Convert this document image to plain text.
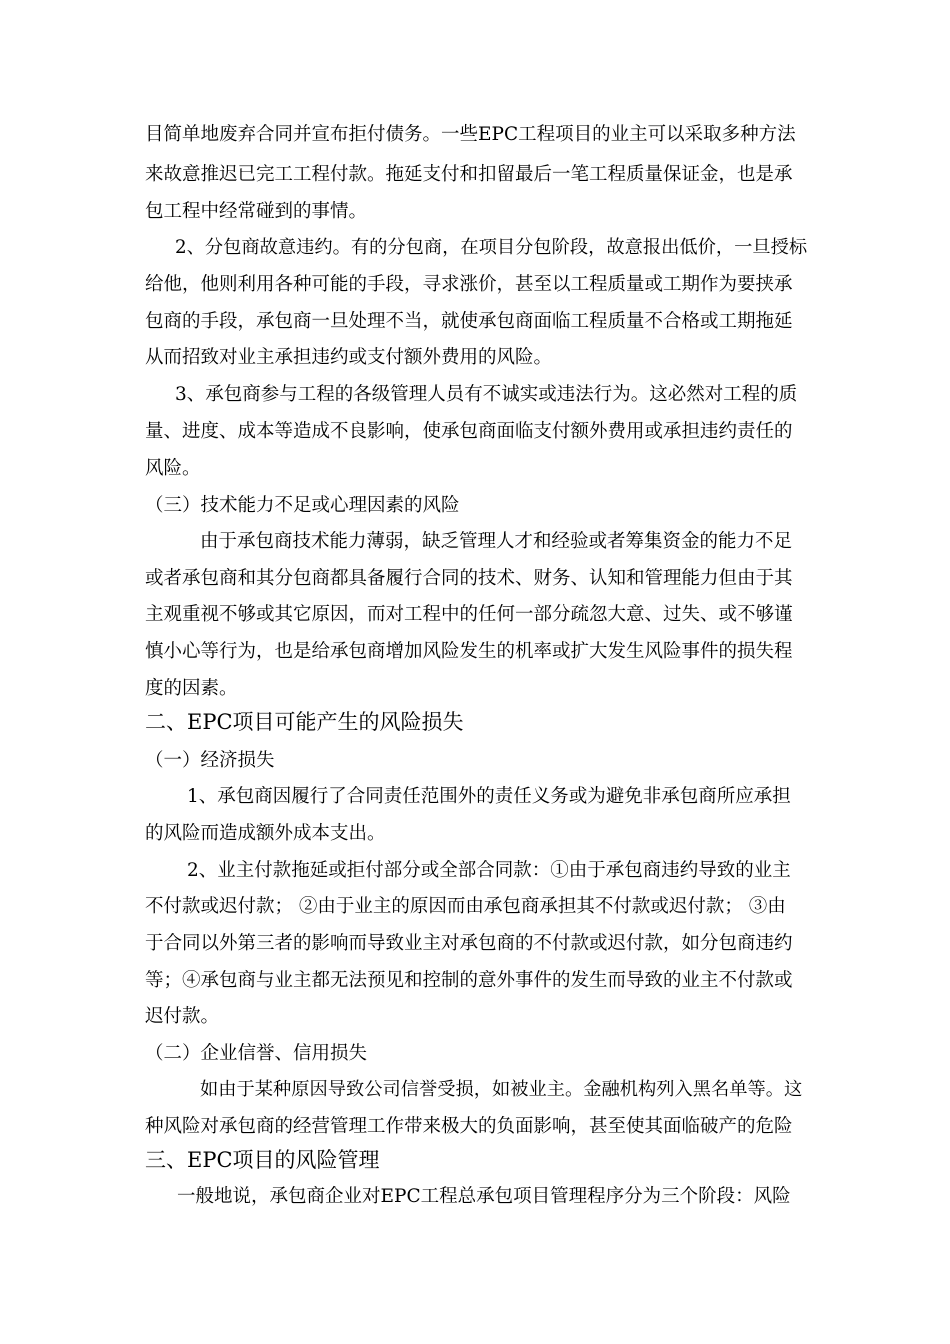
目简单地废弃合同并宣布拒付债务。一些EPC工程项目的业主可以采取多种方法

来故意推迟已完工工程付款。拖延支付和扣留最后一笔工程质量保证金，也是承

包工程中经常碰到的事情。

2、分包商故意违约。有的分包商，在项目分包阶段，故意报出低价，一旦授标

给他，他则利用各种可能的手段，寻求涨价，甚至以工程质量或工期作为要挟承

包商的手段，承包商一旦处理不当，就使承包商面临工程质量不合格或工期拖延

从而招致对业主承担违约或支付额外费用的风险。

3、承包商参与工程的各级管理人员有不诚实或违法行为。这必然对工程的质

量、进度、成本等造成不良影响，使承包商面临支付额外费用或承担违约责任的

风险。

（三）技术能力不足或心理因素的风险

由于承包商技术能力薄弱，缺乏管理人才和经验或者筹集资金的能力不足

或者承包商和其分包商都具备履行合同的技术、财务、认知和管理能力但由于其

主观重视不够或其它原因，而对工程中的任何一部分疏忽大意、过失、或不够谨

慎小心等行为，也是给承包商增加风险发生的机率或扩大发生风险事件的损失程

度的因素。

二、EPC项目可能产生的风险损失

（一）经济损失

1、承包商因履行了合同责任范围外的责任义务或为避免非承包商所应承担

的风险而造成额外成本支出。

2、业主付款拖延或拒付部分或全部合同款：①由于承包商违约导致的业主

不付款或迟付款； ②由于业主的原因而由承包商承担其不付款或迟付款； ③由

于合同以外第三者的影响而导致业主对承包商的不付款或迟付款，如分包商违约

等；④承包商与业主都无法预见和控制的意外事件的发生而导致的业主不付款或

迟付款。

（二）企业信誉、信用损失

如由于某种原因导致公司信誉受损，如被业主。金融机构列入黑名单等。这

种风险对承包商的经营管理工作带来极大的负面影响，甚至使其面临破产的危险

三、EPC项目的风险管理

一般地说，承包商企业对EPC工程总承包项目管理程序分为三个阶段：风险
